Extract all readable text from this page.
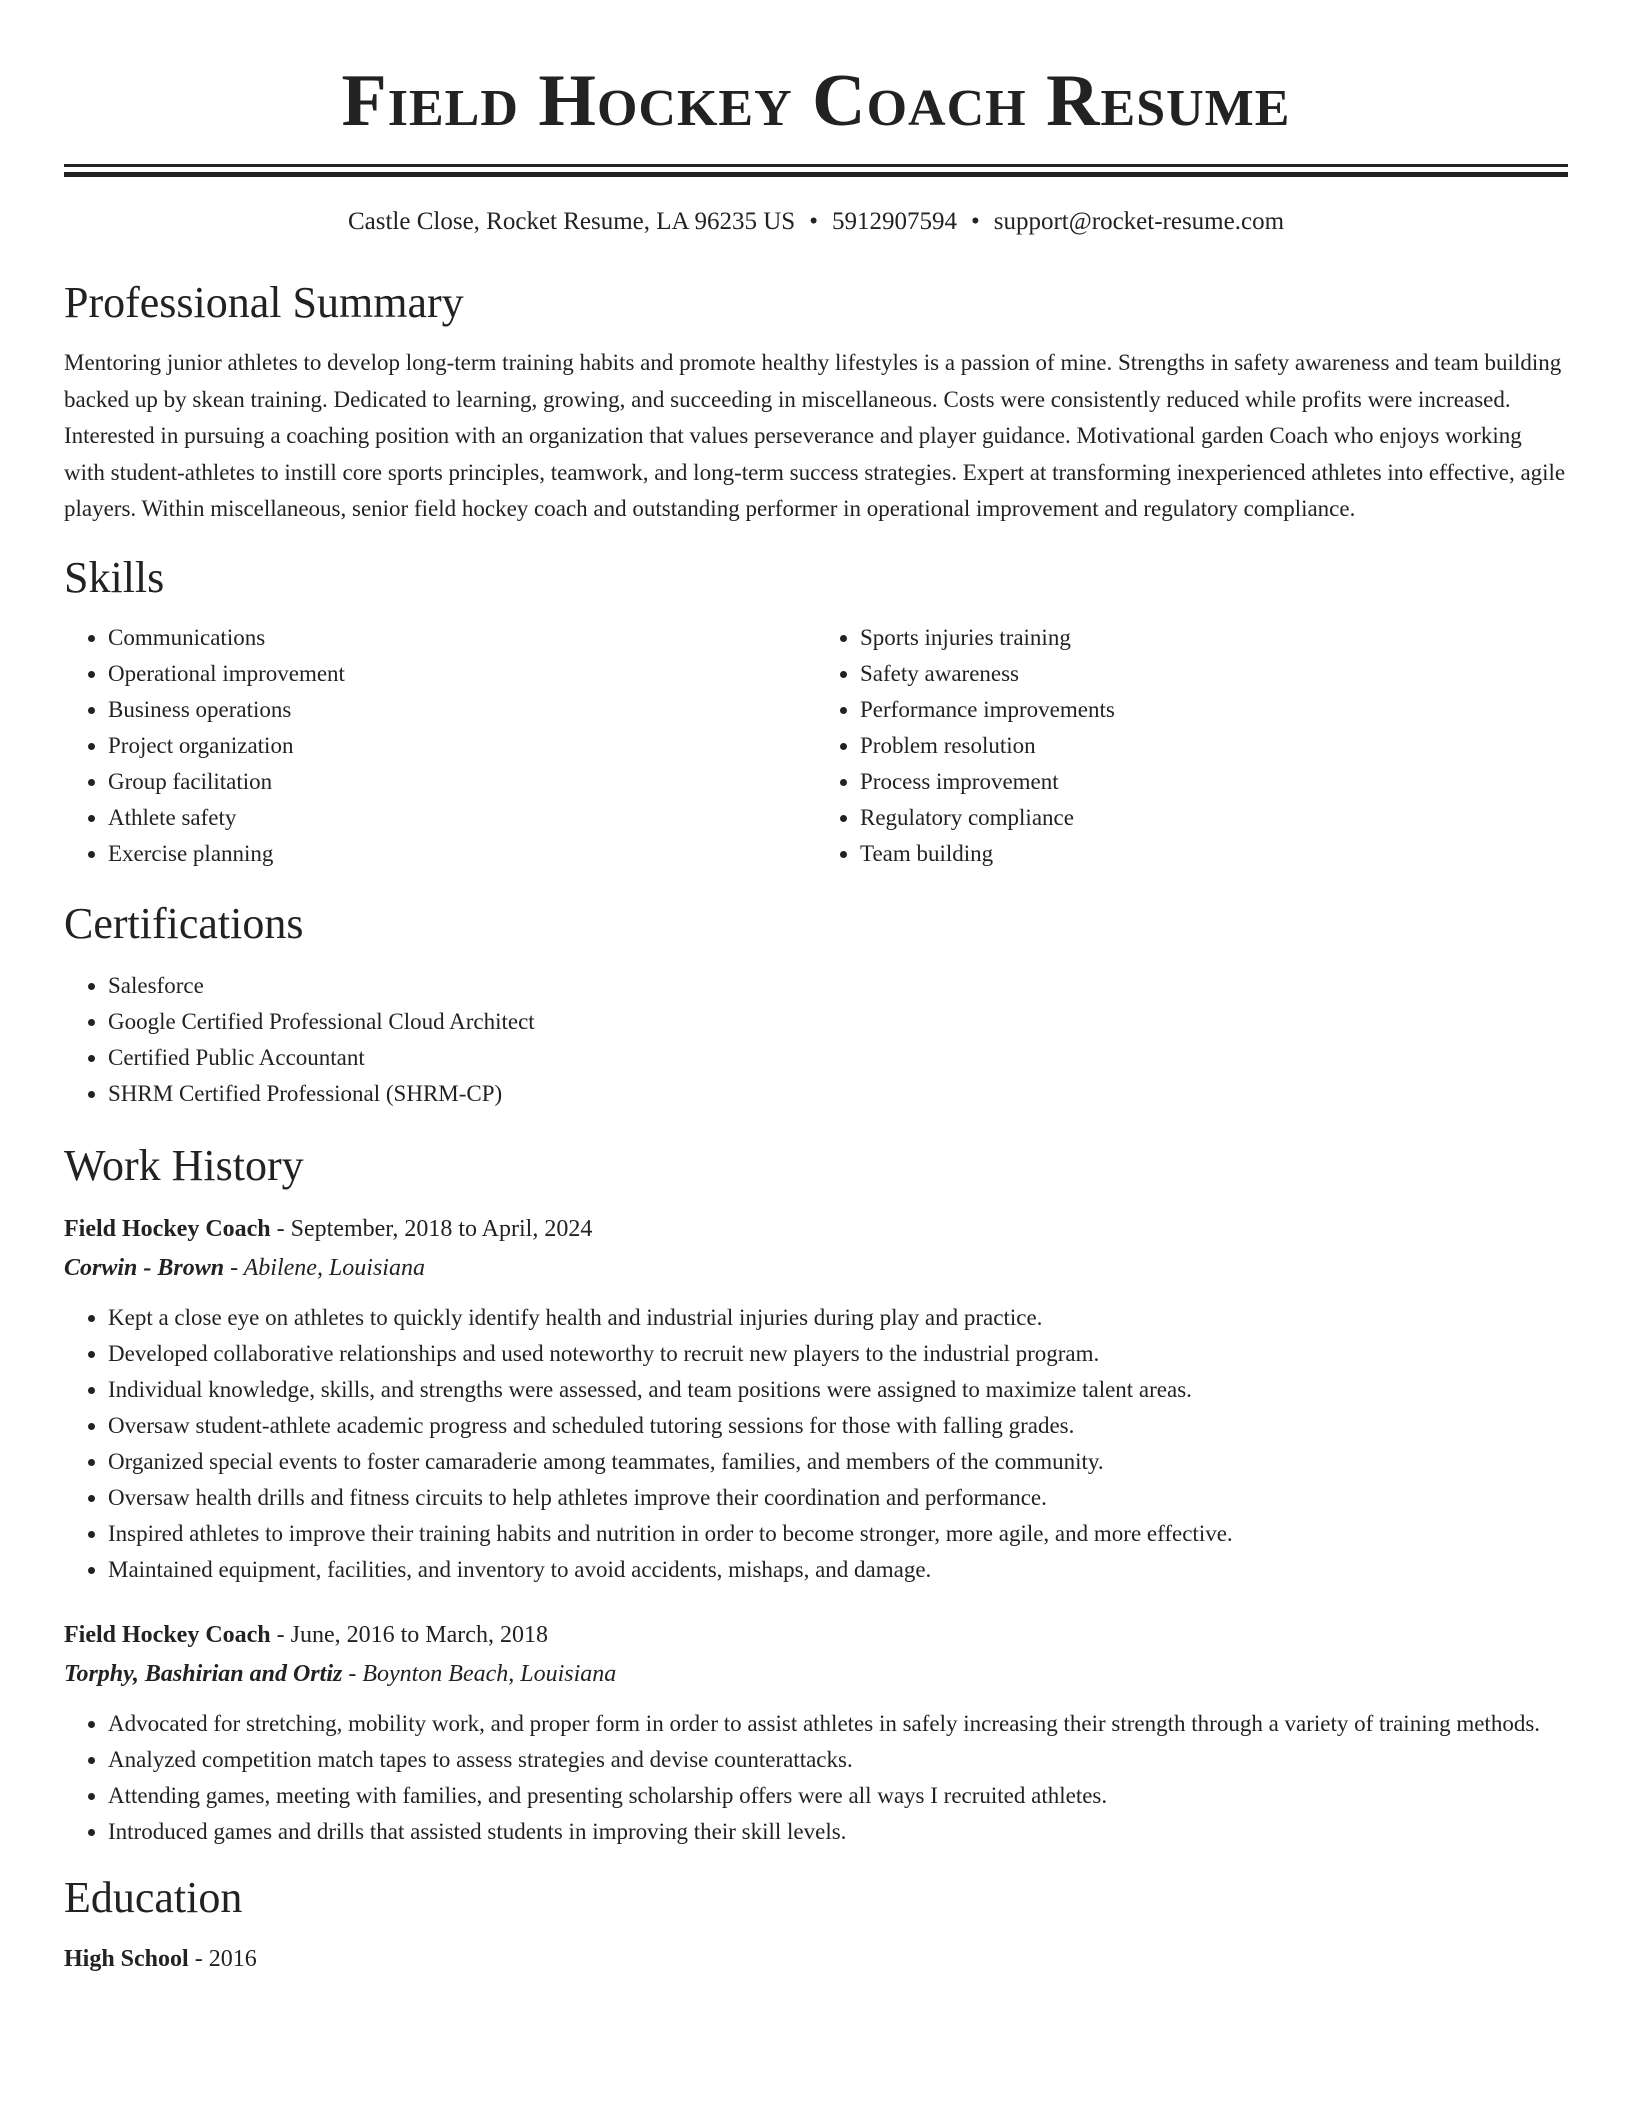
Field Hockey Coach Resume
Castle Close, Rocket Resume, LA 96235 US • 5912907594 • support@rocket-resume.com
Professional Summary

Mentoring junior athletes to develop long-term training habits and promote healthy lifestyles is a passion of mine. Strengths in safety awareness and team building backed up by skean training. Dedicated to learning, growing, and succeeding in miscellaneous. Costs were consistently reduced while profits were increased. Interested in pursuing a coaching position with an organization that values perseverance and player guidance. Motivational garden Coach who enjoys working with student-athletes to instill core sports principles, teamwork, and long-term success strategies. Expert at transforming inexperienced athletes into effective, agile players. Within miscellaneous, senior field hockey coach and outstanding performer in operational improvement and regulatory compliance.

Skills
• Communications
• Operational improvement
• Business operations
• Project organization
• Group facilitation
• Athlete safety
• Exercise planning
• Sports injuries training
• Safety awareness
• Performance improvements
• Problem resolution
• Process improvement
• Regulatory compliance
• Team building
Certifications
• Salesforce
• Google Certified Professional Cloud Architect
• Certified Public Accountant
• SHRM Certified Professional (SHRM-CP)
Work History
Field Hockey Coach - September, 2018 to April, 2024
Corwin - Brown - Abilene, Louisiana
• Kept a close eye on athletes to quickly identify health and industrial injuries during play and practice.
• Developed collaborative relationships and used noteworthy to recruit new players to the industrial program.
• Individual knowledge, skills, and strengths were assessed, and team positions were assigned to maximize talent areas.
• Oversaw student-athlete academic progress and scheduled tutoring sessions for those with falling grades.
• Organized special events to foster camaraderie among teammates, families, and members of the community.
• Oversaw health drills and fitness circuits to help athletes improve their coordination and performance.
• Inspired athletes to improve their training habits and nutrition in order to become stronger, more agile, and more effective.
• Maintained equipment, facilities, and inventory to avoid accidents, mishaps, and damage.
Field Hockey Coach - June, 2016 to March, 2018
Torphy, Bashirian and Ortiz - Boynton Beach, Louisiana
• Advocated for stretching, mobility work, and proper form in order to assist athletes in safely increasing their strength through a variety of training methods.
• Analyzed competition match tapes to assess strategies and devise counterattacks.
• Attending games, meeting with families, and presenting scholarship offers were all ways I recruited athletes.
• Introduced games and drills that assisted students in improving their skill levels.
Education
High School - 2016
